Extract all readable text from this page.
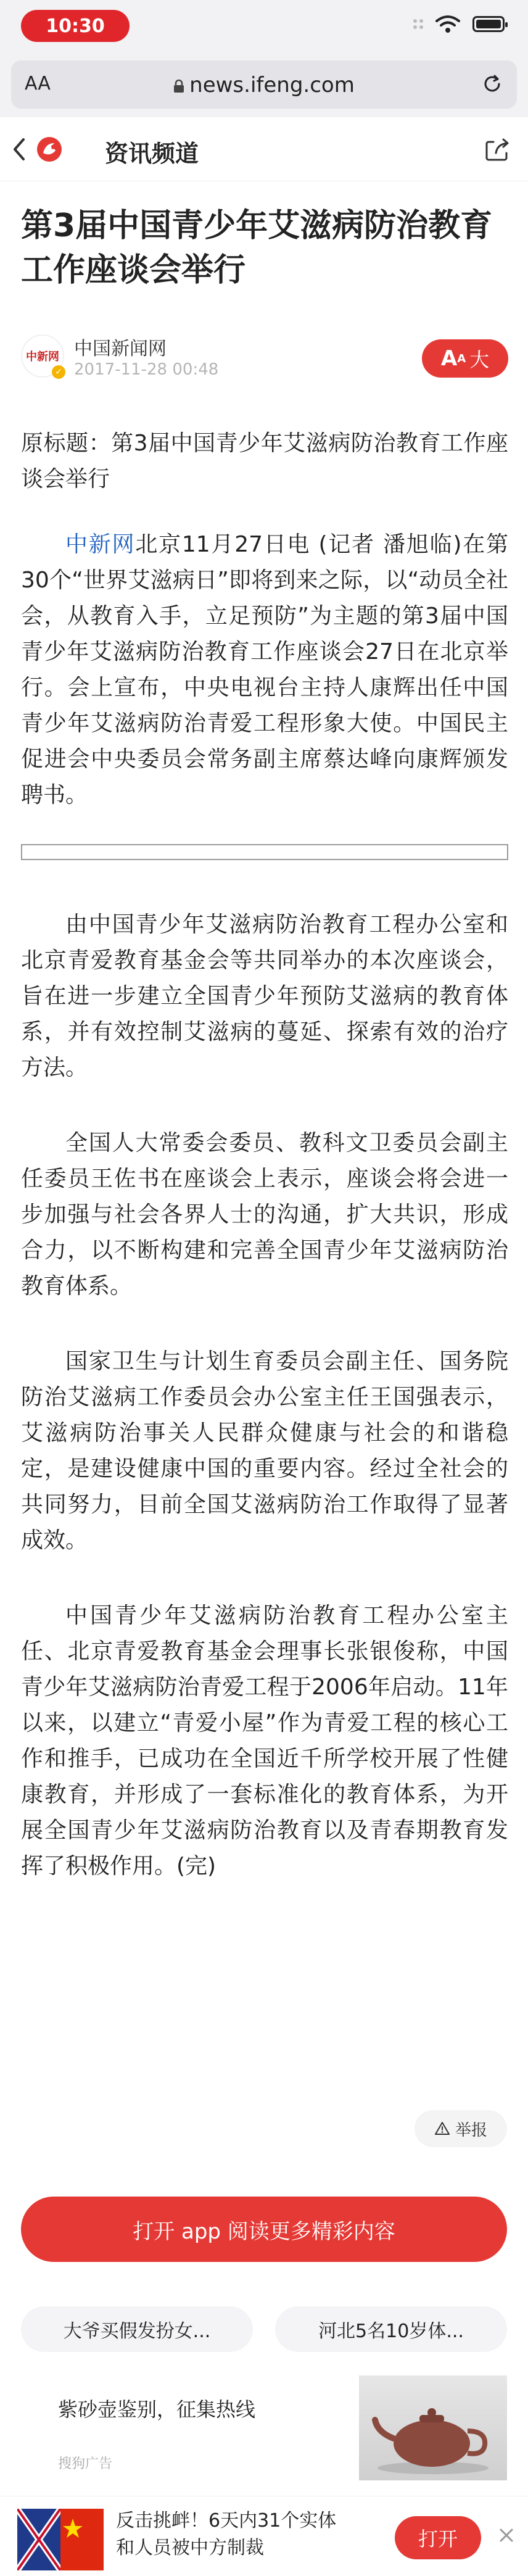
10:30
AA	news.ifeng.com
资讯频道
第3届中国青少年艾滋病防治教育工作座谈会举行
中新网
✓
中国新闻网
2017-11-28 00:48	A A 大

原标题：第3届中国青少年艾滋病防治教育工作座谈会举行

中新网北京11月27日电 (记者 潘旭临)在第30个“世界艾滋病日”即将到来之际，以“动员全社会，从教育入手，立足预防”为主题的第3届中国青少年艾滋病防治教育工作座谈会27日在北京举行。会上宣布，中央电视台主持人康辉出任中国青少年艾滋病防治青爱工程形象大使。中国民主促进会中央委员会常务副主席蔡达峰向康辉颁发聘书。

由中国青少年艾滋病防治教育工程办公室和北京青爱教育基金会等共同举办的本次座谈会，旨在进一步建立全国青少年预防艾滋病的教育体系，并有效控制艾滋病的蔓延、探索有效的治疗方法。

全国人大常委会委员、教科文卫委员会副主任委员王佐书在座谈会上表示，座谈会将会进一步加强与社会各界人士的沟通，扩大共识，形成合力，以不断构建和完善全国青少年艾滋病防治教育体系。

国家卫生与计划生育委员会副主任、国务院防治艾滋病工作委员会办公室主任王国强表示，艾滋病防治事关人民群众健康与社会的和谐稳定，是建设健康中国的重要内容。经过全社会的共同努力，目前全国艾滋病防治工作取得了显著成效。

中国青少年艾滋病防治教育工程办公室主任、北京青爱教育基金会理事长张银俊称，中国青少年艾滋病防治青爱工程于2006年启动。11年以来，以建立“青爱小屋”作为青爱工程的核心工作和推手，已成功在全国近千所学校开展了性健康教育，并形成了一套标准化的教育体系，为开展全国青少年艾滋病防治教育以及青春期教育发挥了积极作用。(完)

举报
打开 app 阅读更多精彩内容
大爷买假发扮女...	河北5名10岁体...
紫砂壶鉴别，征集热线
搜狗广告
反击挑衅！6天内31个实体和人员被中方制裁	打开
